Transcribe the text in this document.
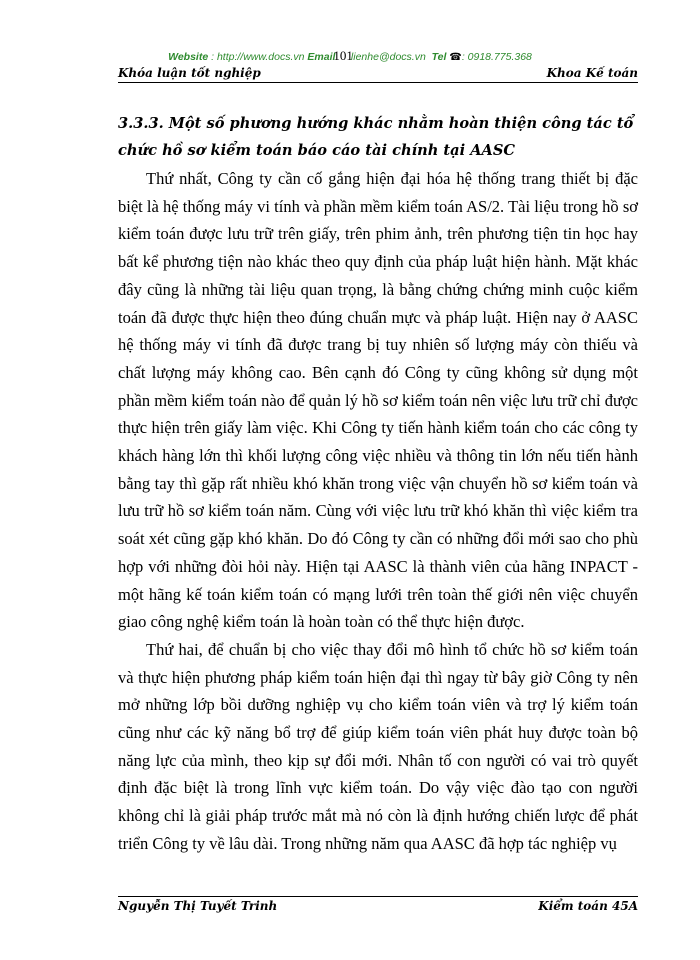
Website : http://www.docs.vn Email101lienhe@docs.vn Tel ☎: 0918.775.368
Khóa luận tốt nghiệp	Khoa Kế toán
3.3.3. Một số phương hướng khác nhằm hoàn thiện công tác tổ chức hồ sơ kiểm toán báo cáo tài chính tại AASC

Thứ nhất, Công ty cần cố gắng hiện đại hóa hệ thống trang thiết bị đặc biệt là hệ thống máy vi tính và phần mềm kiểm toán AS/2. Tài liệu trong hồ sơ kiểm toán được lưu trữ trên giấy, trên phim ảnh, trên phương tiện tin học hay bất kể phương tiện nào khác theo quy định của pháp luật hiện hành. Mặt khác đây cũng là những tài liệu quan trọng, là bằng chứng chứng minh cuộc kiểm toán đã được thực hiện theo đúng chuẩn mực và pháp luật. Hiện nay ở AASC hệ thống máy vi tính đã được trang bị tuy nhiên số lượng máy còn thiếu và chất lượng máy không cao. Bên cạnh đó Công ty cũng không sử dụng một phần mềm kiểm toán nào để quản lý hồ sơ kiểm toán nên việc lưu trữ chỉ được thực hiện trên giấy làm việc. Khi Công ty tiến hành kiểm toán cho các công ty khách hàng lớn thì khối lượng công việc nhiều và thông tin lớn nếu tiến hành bằng tay thì gặp rất nhiều khó khăn trong việc vận chuyển hồ sơ kiểm toán và lưu trữ hồ sơ kiểm toán năm. Cùng với việc lưu trữ khó khăn thì việc kiểm tra soát xét cũng gặp khó khăn. Do đó Công ty cần có những đổi mới sao cho phù hợp với những đòi hỏi này. Hiện tại AASC là thành viên của hãng INPACT - một hãng kế toán kiểm toán có mạng lưới trên toàn thế giới nên việc chuyển giao công nghệ kiểm toán là hoàn toàn có thể thực hiện được.

Thứ hai, để chuẩn bị cho việc thay đổi mô hình tổ chức hồ sơ kiểm toán và thực hiện phương pháp kiểm toán hiện đại thì ngay từ bây giờ Công ty nên mở những lớp bồi dưỡng nghiệp vụ cho kiểm toán viên và trợ lý kiểm toán cũng như các kỹ năng bổ trợ để giúp kiểm toán viên phát huy được toàn bộ năng lực của mình, theo kịp sự đổi mới. Nhân tố con người có vai trò quyết định đặc biệt là trong lĩnh vực kiểm toán. Do vậy việc đào tạo con người không chỉ là giải pháp trước mắt mà nó còn là định hướng chiến lược để phát triển Công ty về lâu dài. Trong những năm qua AASC đã hợp tác nghiệp vụ

Nguyễn Thị Tuyết Trinh	Kiểm toán 45A
